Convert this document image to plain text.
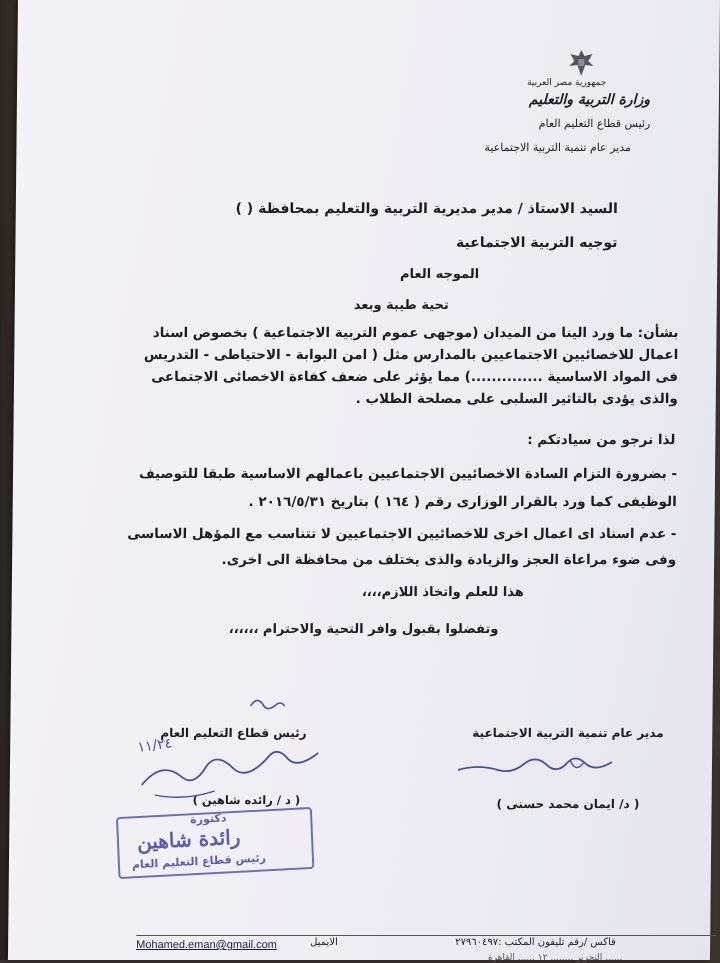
جمهورية مصر العربية
وزارة التربية والتعليم
رئيس قطاع التعليم العام
مدير عام تنمية التربية الاجتماعية
السيد الاستاذ / مدير مديرية التربية والتعليم بمحافظة ( )
توجيه التربية الاجتماعية
الموجه العام
تحية طيبة وبعد
بشأن: ما ورد الينا من الميدان (موجهى عموم التربية الاجتماعية ) بخصوص اسناد
اعمال للاخصائيين الاجتماعيين بالمدارس مثل ( امن البوابة - الاحتياطى - التدريس
فى المواد الاساسية ..............) مما يؤثر على ضعف كفاءة الاخصائى الاجتماعى
والذى يؤدى بالتاثير السلبى على مصلحة الطلاب .
لذا نرجو من سيادتكم :
- بضرورة التزام السادة الاخصائيين الاجتماعيين باعمالهم الاساسية طبقا للتوصيف
الوظيفى كما ورد بالقرار الوزارى رقم ( ١٦٤ ) بتاريخ ٢٠١٦/٥/٣١ .
- عدم اسناد اى اعمال اخرى للاخصائيين الاجتماعيين لا تتناسب مع المؤهل الاساسى
وفى ضوء مراعاة العجز والزيادة والذى يختلف من محافظة الى اخرى.
هذا للعلم واتخاذ اللازم،،،،
وتفضلوا بقبول وافر التحية والاحترام ،،،،،،
مدير عام تنمية التربية الاجتماعية
رئيس قطاع التعليم العام
( د/ ايمان محمد حسنى )
( د / رائده شاهين )
١١/٢٤
دكتورة
رائدة شاهين
رئيس قطاع التعليم العام
فاكس /رقم تليفون المكتب :٢٧٩٦٠٤٩٧
الايميل
Mohamed.eman@gmail.com
...... التحرير ........ ١٢ ...... القاهرة
